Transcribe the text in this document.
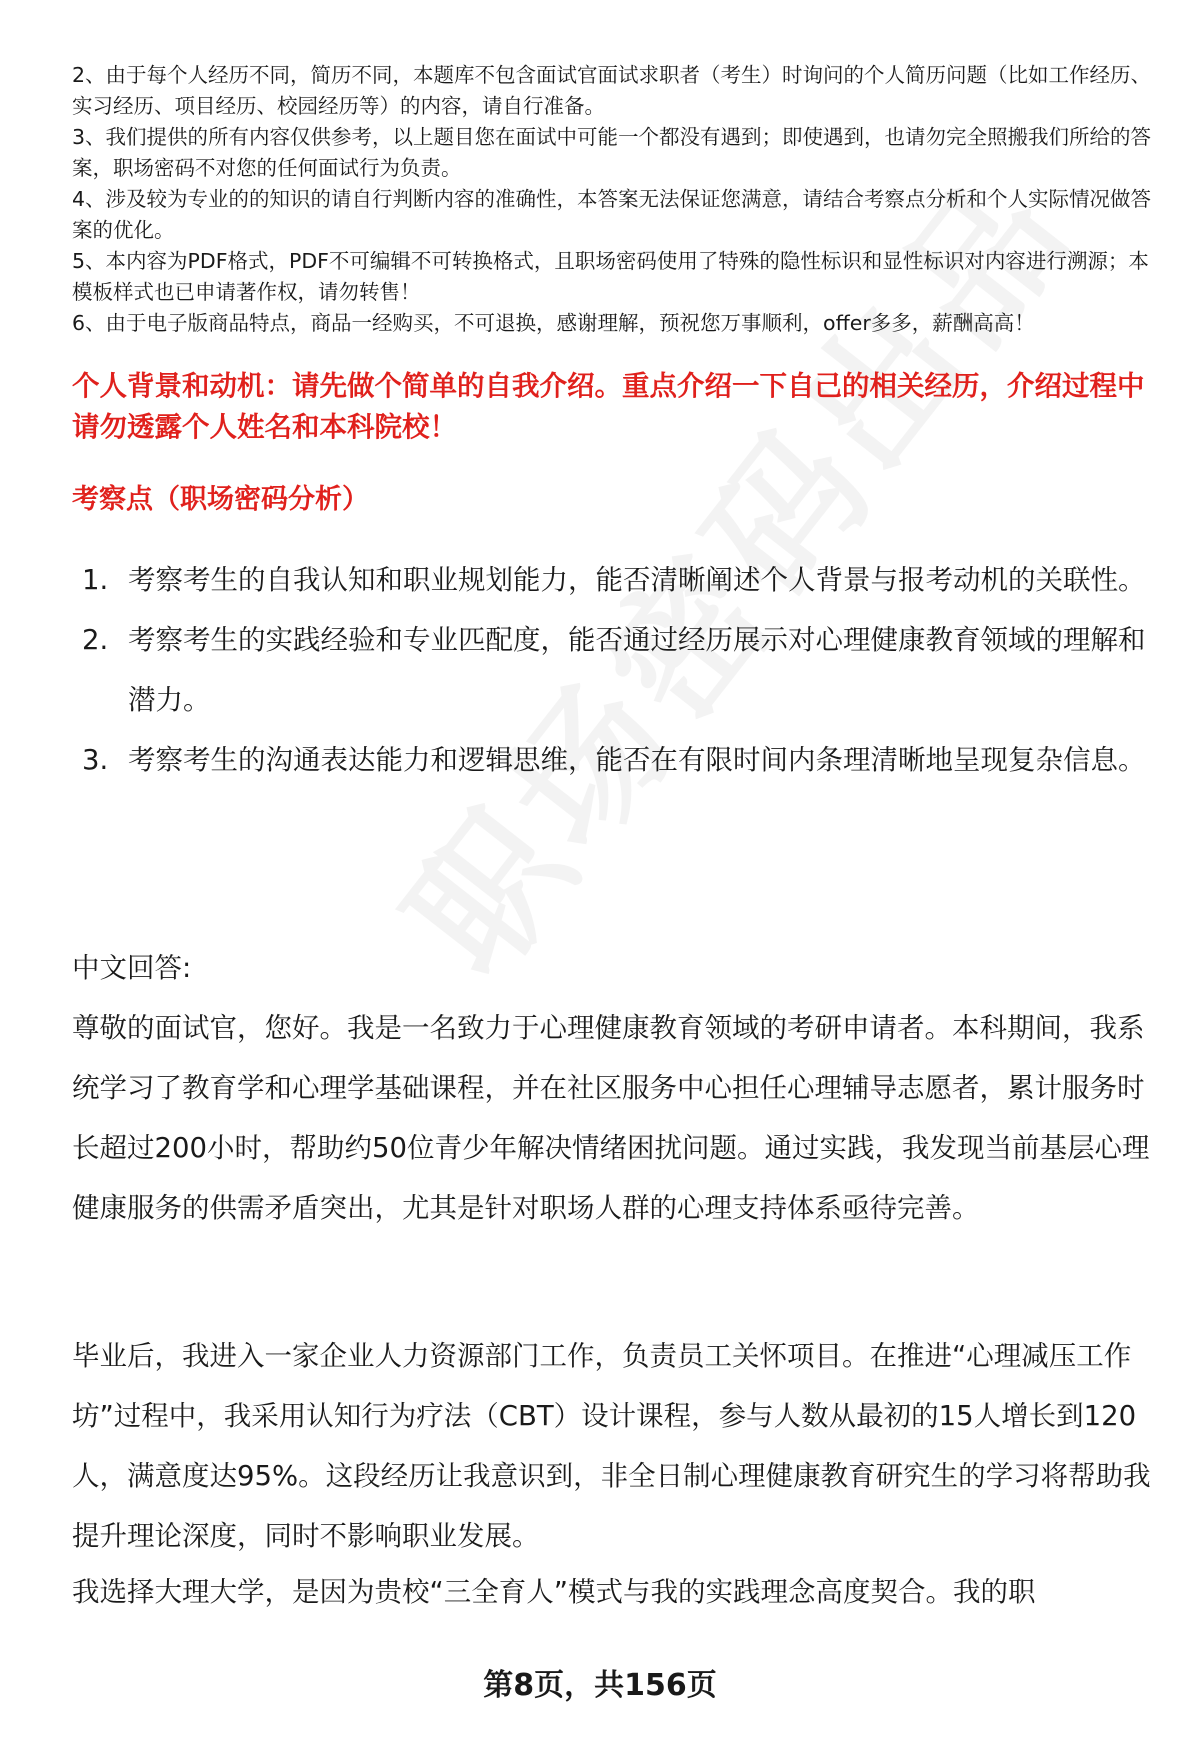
2、由于每个人经历不同，简历不同，本题库不包含面试官面试求职者（考生）时询问的个人简历问题（比如工作经历、实习经历、项目经历、校园经历等）的内容，请自行准备。

3、我们提供的所有内容仅供参考，以上题目您在面试中可能一个都没有遇到；即使遇到，也请勿完全照搬我们所给的答案，职场密码不对您的任何面试行为负责。

4、涉及较为专业的的知识的请自行判断内容的准确性，本答案无法保证您满意，请结合考察点分析和个人实际情况做答案的优化。

5、本内容为PDF格式，PDF不可编辑不可转换格式，且职场密码使用了特殊的隐性标识和显性标识对内容进行溯源；本模板样式也已申请著作权，请勿转售！

6、由于电子版商品特点，商品一经购买，不可退换，感谢理解，预祝您万事顺利，offer多多，薪酬高高！

个人背景和动机：请先做个简单的自我介绍。重点介绍一下自己的相关经历，介绍过程中请勿透露个人姓名和本科院校！

考察点（职场密码分析）

1. 考察考生的自我认知和职业规划能力，能否清晰阐述个人背景与报考动机的关联性。
2. 考察考生的实践经验和专业匹配度，能否通过经历展示对心理健康教育领域的理解和潜力。
3. 考察考生的沟通表达能力和逻辑思维，能否在有限时间内条理清晰地呈现复杂信息。

中文回答:

尊敬的面试官，您好。我是一名致力于心理健康教育领域的考研申请者。本科期间，我系统学习了教育学和心理学基础课程，并在社区服务中心担任心理辅导志愿者，累计服务时长超过200小时，帮助约50位青少年解决情绪困扰问题。通过实践，我发现当前基层心理健康服务的供需矛盾突出，尤其是针对职场人群的心理支持体系亟待完善。

毕业后，我进入一家企业人力资源部门工作，负责员工关怀项目。在推进“心理减压工作坊”过程中，我采用认知行为疗法（CBT）设计课程，参与人数从最初的15人增长到120人，满意度达95%。这段经历让我意识到，非全日制心理健康教育研究生的学习将帮助我提升理论深度，同时不影响职业发展。

我选择大理大学，是因为贵校“三全育人”模式与我的实践理念高度契合。我的职

第8页，共156页
